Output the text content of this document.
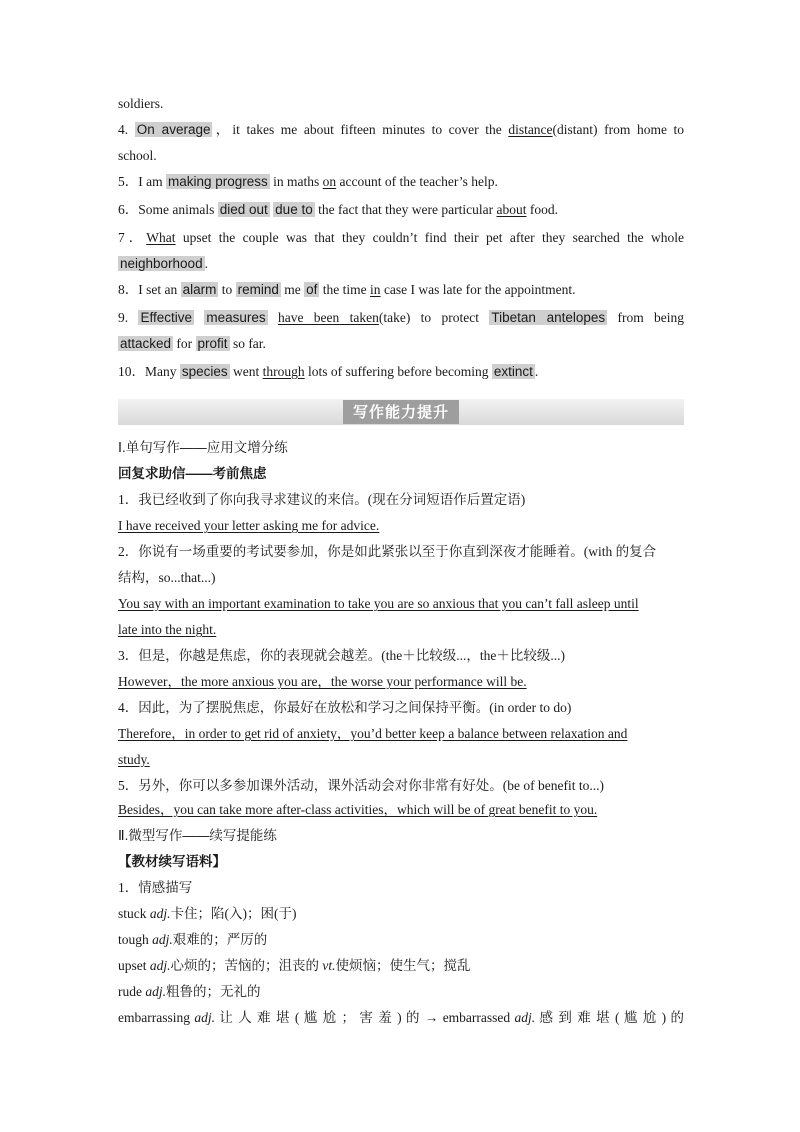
soldiers.
4. On average ，it takes me about fifteen minutes to cover the distance(distant) from home to
school.
5．I am making progress in maths on account of the teacher’s help.
6．Some animals died out due to the fact that they were particular about food.
7．What upset the couple was that they couldn’t find their pet after they searched the whole
neighborhood .
8．I set an alarm to remind me of the time in case I was late for the appointment.
9. Effective measures have been taken(take) to protect Tibetan antelopes from being
attacked for profit so far.
10．Many species went through lots of suffering before becoming extinct .
写作能力提升
Ⅰ.单句写作——应用文增分练
回复求助信——考前焦虑
1．我已经收到了你向我寻求建议的来信。(现在分词短语作后置定语)
I have received your letter asking me for advice.
2．你说有一场重要的考试要参加，你是如此紧张以至于你直到深夜才能睡着。(with 的复合
结构，so...that...)
You say with an important examination to take you are so anxious that you can’t fall asleep until
late into the night.
3．但是，你越是焦虑，你的表现就会越差。(the＋比较级...，the＋比较级...)
However，the more anxious you are，the worse your performance will be.
4．因此，为了摆脱焦虑，你最好在放松和学习之间保持平衡。(in order to do)
Therefore，in order to get rid of anxiety，you’d better keep a balance between relaxation and
study.
5．另外，你可以多参加课外活动，课外活动会对你非常有好处。(be of benefit to...)
Besides，you can take more after-class activities，which will be of great benefit to you.
Ⅱ.微型写作——续写提能练
【教材续写语料】
1．情感描写
stuck adj.卡住；陷(入)；困(于)
tough adj.艰难的；严厉的
upset adj.心烦的；苦恼的；沮丧的 vt.使烦恼；使生气；搅乱
rude adj.粗鲁的；无礼的
embarrassing adj. 让 人 难 堪 ( 尴 尬 ； 害 羞 ) 的 → embarrassed adj. 感 到 难 堪 ( 尴 尬 ) 的
